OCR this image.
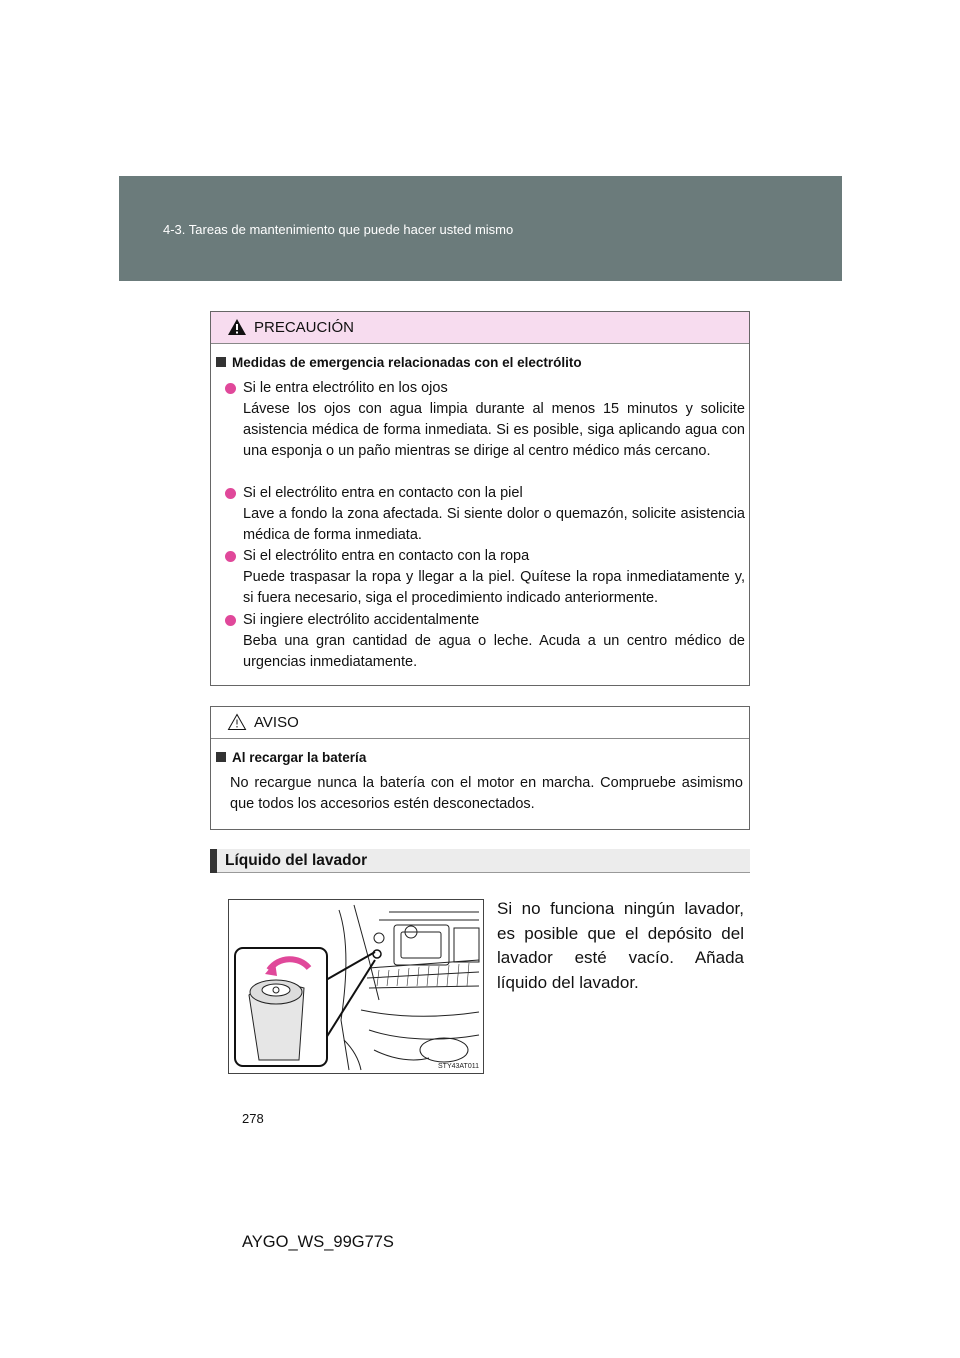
4-3. Tareas de mantenimiento que puede hacer usted mismo
PRECAUCIÓN
Medidas de emergencia relacionadas con el electrólito
Si le entra electrólito en los ojos
Lávese los ojos con agua limpia durante al menos 15 minutos y solicite asistencia médica de forma inmediata. Si es posible, siga aplicando agua con una esponja o un paño mientras se dirige al centro médico más cercano.
Si el electrólito entra en contacto con la piel
Lave a fondo la zona afectada. Si siente dolor o quemazón, solicite asistencia médica de forma inmediata.
Si el electrólito entra en contacto con la ropa
Puede traspasar la ropa y llegar a la piel. Quítese la ropa inmediatamente y, si fuera necesario, siga el procedimiento indicado anteriormente.
Si ingiere electrólito accidentalmente
Beba una gran cantidad de agua o leche. Acuda a un centro médico de urgencias inmediatamente.
AVISO
Al recargar la batería
No recargue nunca la batería con el motor en marcha. Compruebe asimismo que todos los accesorios estén desconectados.
Líquido del lavador
STY43AT011
Si no funciona ningún lavador, es posible que el depósito del lavador esté vacío. Añada líquido del lavador.
278
AYGO_WS_99G77S
